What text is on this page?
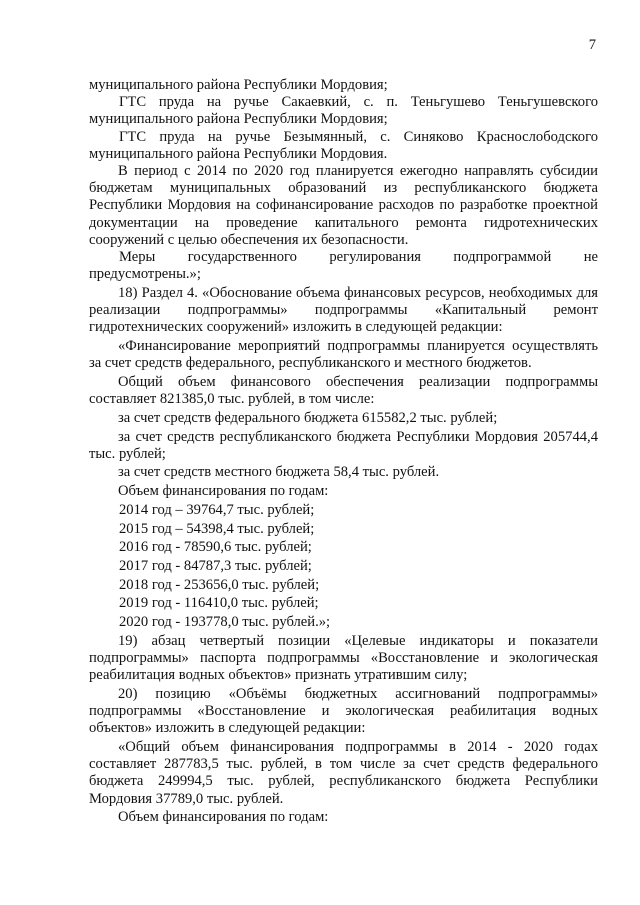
7

муниципального района Республики Мордовия;

ГТС пруда на ручье Сакаевкий, с. п. Теньгушево Теньгушевского муниципального района Республики Мордовия;

ГТС пруда на ручье Безымянный, с. Синяково Краснослободского муниципального района Республики Мордовия.

В период с 2014 по 2020 год планируется ежегодно направлять субсидии бюджетам муниципальных образований из республиканского бюджета Республики Мордовия на софинансирование расходов по разработке проектной документации на проведение капитального ремонта гидротехнических сооружений с целью обеспечения их безопасности.

Меры государственного регулирования подпрограммой не предусмотрены.»;

18) Раздел 4. «Обоснование объема финансовых ресурсов, необходимых для реализации подпрограммы» подпрограммы «Капитальный ремонт гидротехнических сооружений» изложить в следующей редакции:

«Финансирование мероприятий подпрограммы планируется осуществлять за счет средств федерального, республиканского и местного бюджетов.

Общий объем финансового обеспечения реализации подпрограммы составляет 821385,0 тыс. рублей, в том числе:

за счет средств федерального бюджета 615582,2 тыс. рублей;

за счет средств республиканского бюджета Республики Мордовия 205744,4 тыс. рублей;

за счет средств местного бюджета 58,4 тыс. рублей.

Объем финансирования по годам:

2014 год – 39764,7 тыс. рублей;

2015 год – 54398,4 тыс. рублей;

2016 год - 78590,6 тыс. рублей;

2017 год - 84787,3 тыс. рублей;

2018 год - 253656,0 тыс. рублей;

2019 год - 116410,0 тыс. рублей;

2020 год - 193778,0 тыс. рублей.»;

19) абзац четвертый позиции «Целевые индикаторы и показатели подпрограммы» паспорта подпрограммы «Восстановление и экологическая реабилитация водных объектов» признать утратившим силу;

20) позицию «Объёмы бюджетных ассигнований подпрограммы» подпрограммы «Восстановление и экологическая реабилитация водных объектов» изложить в следующей редакции:

«Общий объем финансирования подпрограммы в 2014 - 2020 годах составляет 287783,5 тыс. рублей, в том числе за счет средств федерального бюджета 249994,5 тыс. рублей, республиканского бюджета Республики Мордовия 37789,0 тыс. рублей.

Объем финансирования по годам:
